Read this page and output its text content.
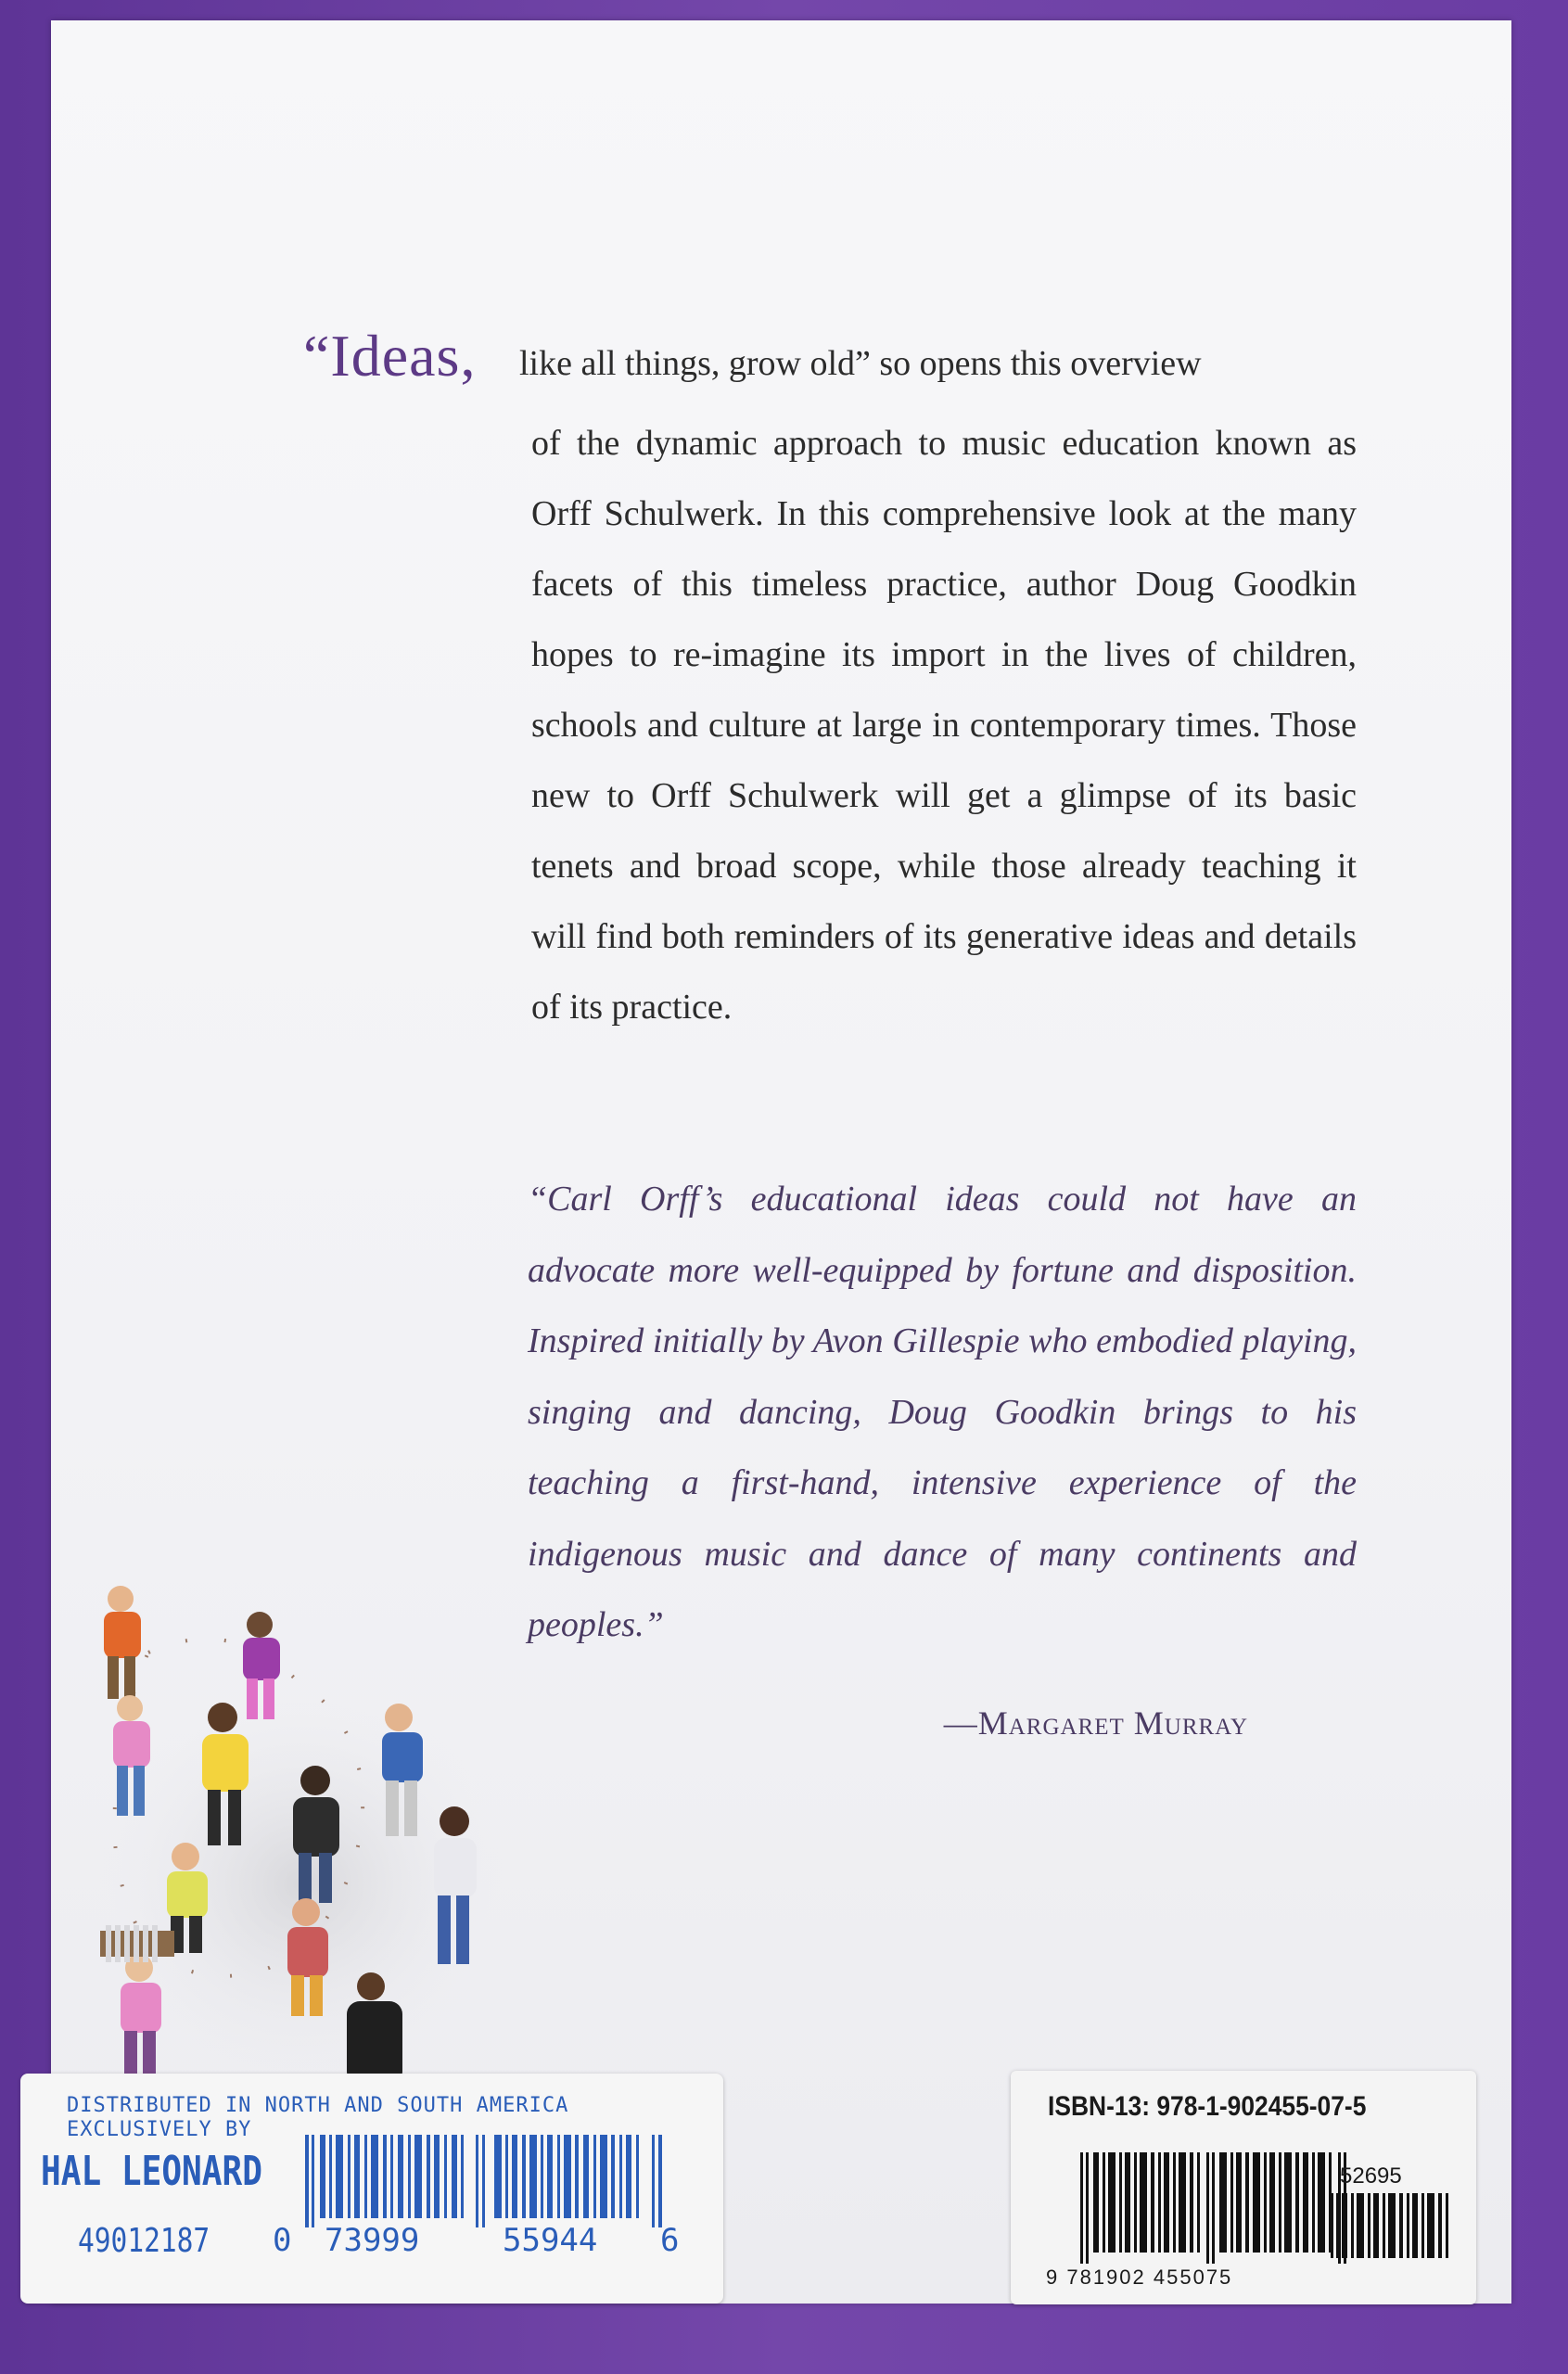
“Ideas, like all things, grow old” so opens this overview
of the dynamic approach to music education known as Orff Schulwerk. In this comprehensive look at the many facets of this timeless practice, author Doug Goodkin hopes to re-imagine its import in the lives of children, schools and culture at large in contemporary times. Those new to Orff Schulwerk will get a glimpse of its basic tenets and broad scope, while those already teaching it will find both reminders of its generative ideas and details of its practice.
“Carl Orff’s educational ideas could not have an advocate more well-equipped by fortune and disposition. Inspired initially by Avon Gillespie who embodied playing, singing and dancing, Doug Goodkin brings to his teaching a first-hand, intensive experience of the indigenous music and dance of many continents and peoples.”
—Margaret Murray
DISTRIBUTED IN NORTH AND SOUTH AMERICA
EXCLUSIVELY BY
HAL LEONARD
49012187 0 73999	55944 6
ISBN-13: 978-1-902455-07-5
52695
9 781902 455075
